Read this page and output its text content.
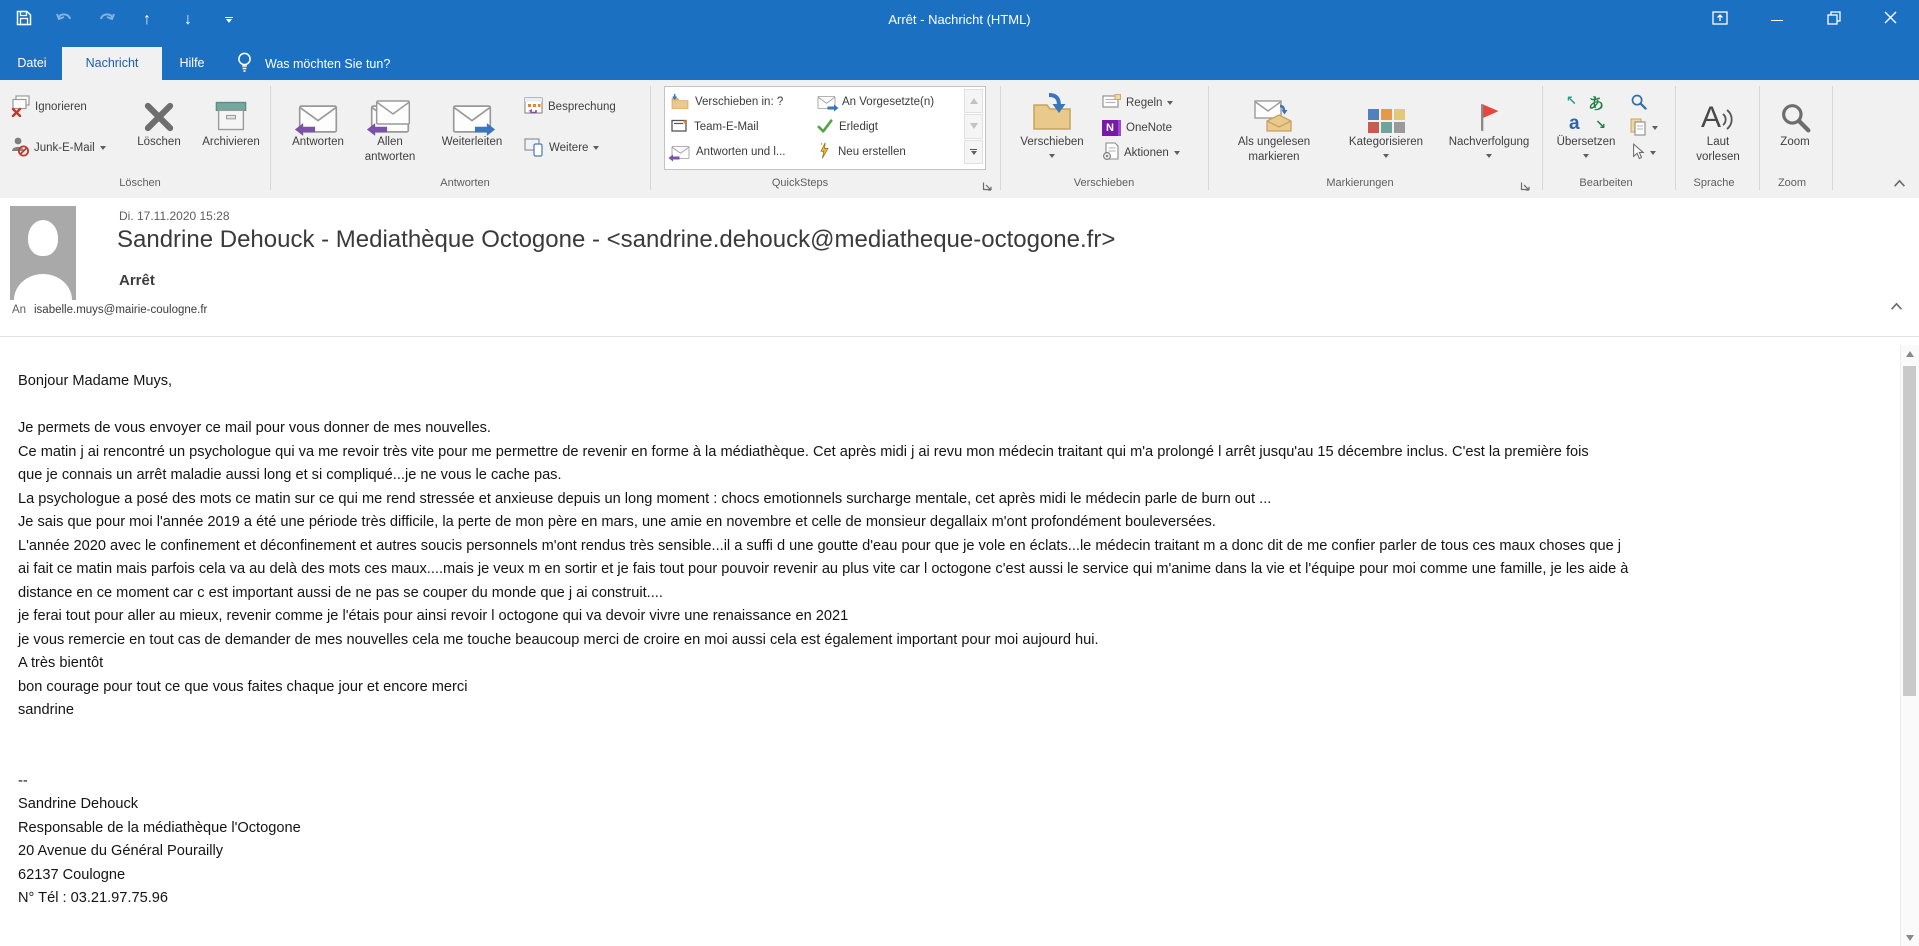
↑ ↓	Arrêt - Nachricht (HTML)
Datei	Nachricht	Hilfe	Was möchten Sie tun?
Ignorieren
Junk-E-Mail	Löschen Archivieren	Antworten	Allen
antworten
Weiterleiten
Besprechung
Weitere
Verschieben in: ?
Team-E-Mail
Antworten und l...
An Vorgesetzte(n)
Erledigt
Neu erstellen
Verschieben
Regeln
N	OneNote
Aktionen
Als ungelesen
markieren
Kategorisieren Nachverfolgung
↖ あ
a ↘
Übersetzen
A
Laut
vorlesen
Zoom
Löschen	Antworten	QuickSteps	Verschieben	Markierungen	Bearbeiten	Sprache	Zoom
Di. 17.11.2020 15:28
Sandrine Dehouck - Mediathèque Octogone - <sandrine.dehouck@mediatheque-octogone.fr>
Arrêt
An isabelle.muys@mairie-coulogne.fr
Bonjour Madame Muys,
Je permets de vous envoyer ce mail pour vous donner de mes nouvelles.
Ce matin j ai rencontré un psychologue qui va me revoir très vite pour me permettre de revenir en forme à la médiathèque. Cet après midi j ai revu mon médecin traitant qui m'a prolongé l arrêt jusqu'au 15 décembre inclus. C'est la première fois
que je connais un arrêt maladie aussi long et si compliqué...je ne vous le cache pas.
La psychologue a posé des mots ce matin sur ce qui me rend stressée et anxieuse depuis un long moment : chocs emotionnels surcharge mentale, cet après midi le médecin parle de burn out ...
Je sais que pour moi l'année 2019 a été une période très difficile, la perte de mon père en mars, une amie en novembre et celle de monsieur degallaix m'ont profondément bouleversées.
L'année 2020 avec le confinement et déconfinement et autres soucis personnels m'ont rendus très sensible...il a suffi d une goutte d'eau pour que je vole en éclats...le médecin traitant m a donc dit de me confier parler de tous ces maux choses que j
ai fait ce matin mais parfois cela va au delà des mots ces maux....mais je veux m en sortir et je fais tout pour pouvoir revenir au plus vite car l octogone c'est aussi le service qui m'anime dans la vie et l'équipe pour moi comme une famille, je les aide à
distance en ce moment car c est important aussi de ne pas se couper du monde que j ai construit....
je ferai tout pour aller au mieux, revenir comme je l'étais pour ainsi revoir l octogone qui va devoir vivre une renaissance en 2021
je vous remercie en tout cas de demander de mes nouvelles cela me touche beaucoup merci de croire en moi aussi cela est également important pour moi aujourd hui.
A très bientôt
bon courage pour tout ce que vous faites chaque jour et encore merci
sandrine
--
Sandrine Dehouck
Responsable de la médiathèque l'Octogone
20 Avenue du Général Pourailly
62137 Coulogne
N° Tél : 03.21.97.75.96
